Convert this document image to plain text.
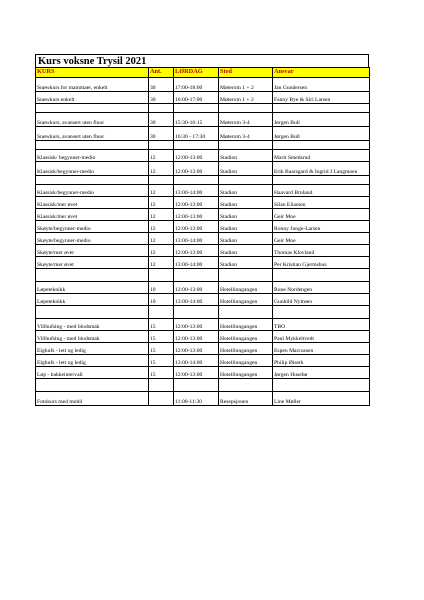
Kurs voksne Trysil 2021
KURS	Ant.	LØRDAG	Sted	Ansvar
Snøwkurs for mammaer, enkelt	30	17:00-18:00	Møterom 1 + 2	Jan Gundersen
Snøwkurs enkelt	30	16:00-17:00	Møterom 1 + 2	Fanny Bye & Siri Larsen

Snøwkurs, avansert uten fluor	30	15:30-16:15	Møterom 3-4	Jørgen Bull
Snøwkurs, avansert uten fluor	30	16:30 - 17:30	Møterom 3-4	Jørgen Bull

Klassisk/ begynner-medio	12	12:00-13:00	Stadion	Marit Smedsrud
Klassisk/begynner-medio	12	12:00-13:00	Stadion	Erik Baarsgard & Ingrid J Langmoen

Klassisk/begynner-medio	12	13:00-14:00	Stadion	Haavard Bruland
Klassisk/mer øvet	12	12:00-13:00	Stadion	Silan Eliassen
Klassisk/mer øvet	12	12:00-13:00	Stadion	Geir Moe
Skøyte/begynner-medio	12	12:00-13:00	Stadion	Ronny Junge-Larsen
Skøyte/begynner-medio	12	13:00-14:00	Stadion	Geir Moe
Skøyte/mer øvet	12	12:00-13:00	Stadion	Thomas Klovland
Skøyte/mer øvet	12	13:00-14:00	Stadion	Per Kristian Gjermshus

Løpeteknikk	10	12:00-13:00	Hotellinngangen	Rune Nordengen
Løpeteknikk	10	13:00-14:00	Hotellinngangen	Gunhild Nytrøen

Villhufsing - med blodsmak	15	12:00-13:00	Hotellinngangen	TBO
Villhufsing - med blodsmak	15	12:00-13:00	Hotellinngangen	Paul Mykkeltvedt
Elghufs - lett og ledig	15	12:00-13:00	Hotellinngangen	Espen Marcussen
Elghufs - lett og ledig	15	13:00-14:00	Hotellinngangen	Philip Øiseth
Løp - bakkeintervall	15	12:00-13:00	Hotellinngangen	Jørgen Husebø

Fotokurs med mobil		11:00-11:30	Resepsjonen	Line Møller
